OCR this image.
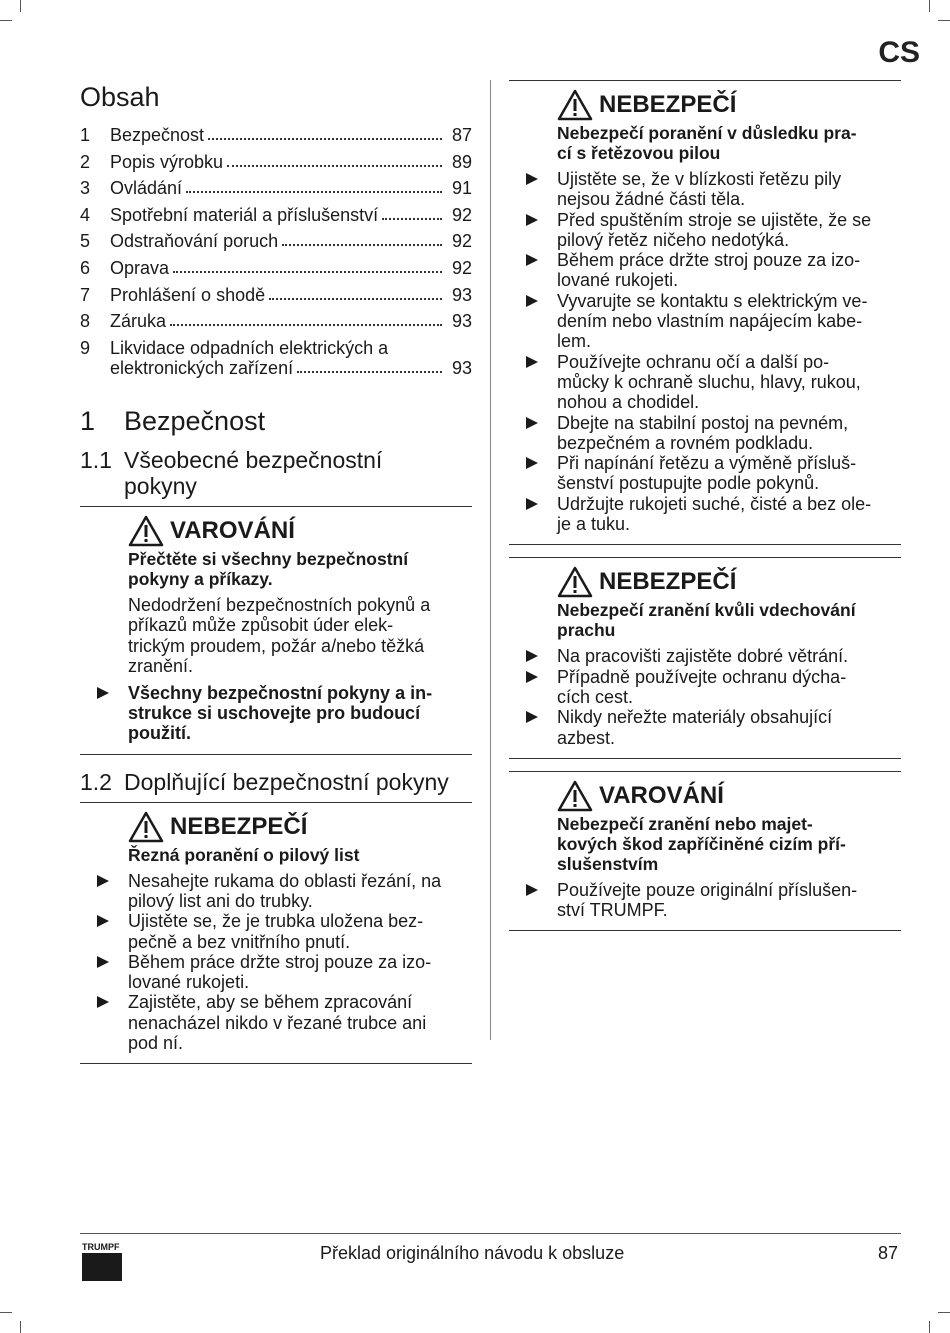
CS
Obsah
1	Bezpečnost	87
2	Popis výrobku	89
3	Ovládání	91
4	Spotřební materiál a příslušenství	92
5	Odstraňování poruch	92
6	Oprava	92
7	Prohlášení o shodě	93
8	Záruka	93
9	Likvidace odpadních elektrických a
elektronických zařízení	93
1	Bezpečnost
1.1 Všeobecné bezpečnostní
pokyny
VAROVÁNÍ
Přečtěte si všechny bezpečnostní
pokyny a příkazy.
Nedodržení bezpečnostních pokynů a
příkazů může způsobit úder elek-
trickým proudem, požár a/nebo těžká
zranění.
Všechny bezpečnostní pokyny a in-
strukce si uschovejte pro budoucí
použití.
1.2 Doplňující bezpečnostní pokyny
NEBEZPEČÍ
Řezná poranění o pilový list
Nesahejte rukama do oblasti řezání, na
pilový list ani do trubky.
Ujistěte se, že je trubka uložena bez-
pečně a bez vnitřního pnutí.
Během práce držte stroj pouze za izo-
lované rukojeti.
Zajistěte, aby se během zpracování
nenacházel nikdo v řezané trubce ani
pod ní.
NEBEZPEČÍ
Nebezpečí poranění v důsledku pra-
cí s řetězovou pilou
Ujistěte se, že v blízkosti řetězu pily
nejsou žádné části těla.
Před spuštěním stroje se ujistěte, že se
pilový řetěz ničeho nedotýká.
Během práce držte stroj pouze za izo-
lované rukojeti.
Vyvarujte se kontaktu s elektrickým ve-
dením nebo vlastním napájecím kabe-
lem.
Používejte ochranu očí a další po-
můcky k ochraně sluchu, hlavy, rukou,
nohou a chodidel.
Dbejte na stabilní postoj na pevném,
bezpečném a rovném podkladu.
Při napínání řetězu a výměně přísluš-
šenství postupujte podle pokynů.
Udržujte rukojeti suché, čisté a bez ole-
je a tuku.
NEBEZPEČÍ
Nebezpečí zranění kvůli vdechování
prachu
Na pracovišti zajistěte dobré větrání.
Případně používejte ochranu dýcha-
cích cest.
Nikdy neřežte materiály obsahující
azbest.
VAROVÁNÍ
Nebezpečí zranění nebo majet-
kových škod zapříčiněné cizím pří-
slušenstvím
Používejte pouze originální příslušen-
ství TRUMPF.
TRUMPF	Překlad originálního návodu k obsluze	87
